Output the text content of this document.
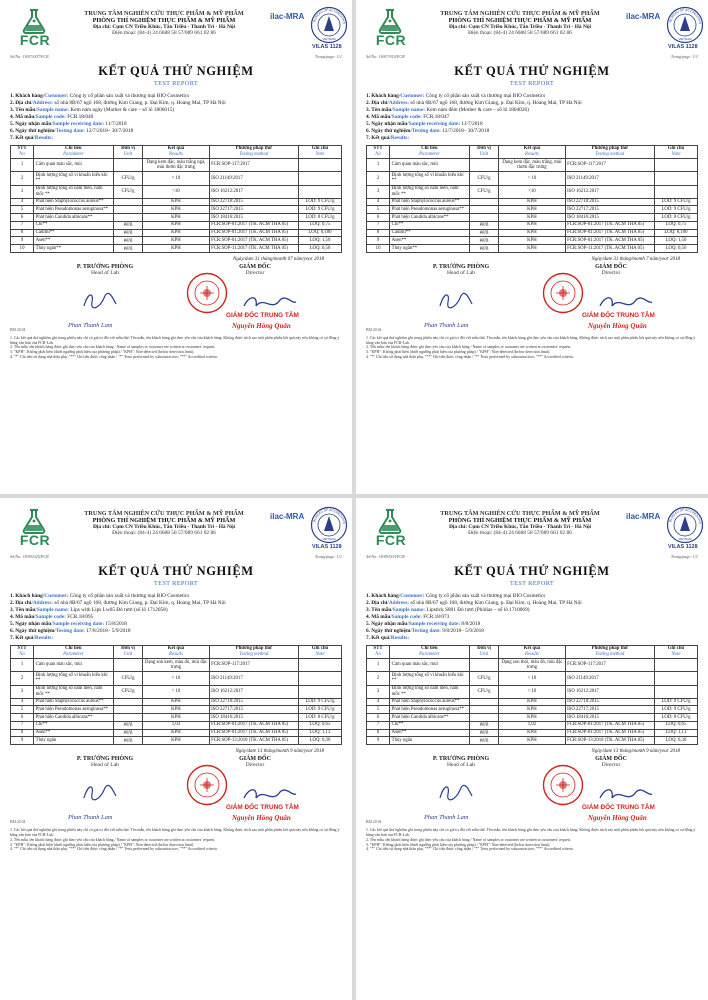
FCR
TRUNG TÂM NGHIÊN CỨU THỰC PHẨM & MỸ PHẨM
PHÒNG THÍ NGHIỆM THỰC PHẨM & MỸ PHẨM
Địa chỉ: Cụm CN Triều Khúc, Tân Triều - Thanh Trì - Hà Nội
Điện thoại: (84-4) 24 6688 58 57/089 661 02 86
ilac-MRA
BUREAU OF ACCREDITATI
VIETNAM
VILAS 1128
Số/No: 18/07/007/FCR	Trang/page: 1/1
KẾT QUẢ THỬ NGHIỆM
TEST REPORT
1. Khách hàng/Customer: Công ty cổ phần sản xuất và thương mại BIO Cosmetics
2. Địa chỉ/Address: số nhà 8B/67 ngõ 168, đường Kim Giang, p. Đại Kim, q. Hoàng Mai, TP Hà Nội
3. Tên mẫu/Sample name: Kem nám ngày (Mother & care – số lô 1806015)
4. Mã mẫu/Sample code: FCR.18/040
5. Ngày nhận mẫu/Sample receiving date: 11/7/2018
6. Ngày thử nghiệm/Testing date: 12/7/2018– 30/7/2018
7. Kết quả/Results:
STT
No	Chỉ tiêu
Parameter	Đơn vị
Unit	Kết quả
Results	Phương pháp thử
Testing method	Ghi chú
Note

1	Cảm quan màu sắc, mùi		Dạng kem đặc, màu trắng ngà, mùi thơm đặc trưng	FCR:SOP-117:2017	
2	Định lượng tổng số vi khuẩn hiếu khí **	CFU/g	< 10	ISO 21149:2017	
3	Định lượng tổng số nấm men, nấm mốc **	CFU/g	<10	ISO 16212:2017	
4	Phát hiện Staphylococcus aureus**		KPH	ISO 22718:2015	LOD: 9 CFU/g
5	Phát hiện Pseudomonas aeruginosa**		KPH	ISO 22717:2015	LOD: 9 CFU/g
6	Phát hiện Candida albicans**		KPH	ISO 18416:2015	LOD: 8 CFU/g
7	Chì**	µg/g	KPH	FCR:SOP-01:2017 (TK. ACM THA 05)	LOQ: 0,75
8	Cadimi**	µg/g	KPH	FCR:SOP-01:2017 (TK. ACM THA 05)	LOQ: 0,100
9	Asen**	µg/g	KPH	FCR:SOP-01:2017 (TK. ACM THA 05)	LOQ: 1,50
10	Thủy ngân**	µg/g	KPH	FCR:SOP-11:2017 (TK. ACM THA 05)	LOQ: 0,50
Ngày/date 31 tháng/month 07 năm/year 2018
P. TRƯỞNG PHÒNG
Head of Lab
GIÁM ĐỐC
Director
Phan Thanh Lam
GIÁM ĐỐC TRUNG TÂM
Nguyễn Hồng Quân
BM.20.04
1. Các kết quả thử nghiệm ghi trong phiếu này chỉ có giá trị đối với mẫu thử. Tên mẫu, tên khách hàng ghi theo yêu cầu của khách hàng. Không được trích sao một phần phiếu kết quả này nếu không có sự đồng ý bằng văn bản của FCR-Lab.
2. Tên mẫu, tên khách hàng được ghi theo yêu cầu của khách hàng / Name of samples or customer are written at customers' request.
3. "KPH": Không phát hiện (dưới ngưỡng phát hiện của phương pháp) / "KPH": Non-detected (below detection limit).
4. "*" Chỉ tiêu sử dụng nhà thầu phụ, "**" Chỉ tiêu được công nhận / "*" Tests performed by subcontractors; "**" Accredited criteria.
FCR
TRUNG TÂM NGHIÊN CỨU THỰC PHẨM & MỸ PHẨM
PHÒNG THÍ NGHIỆM THỰC PHẨM & MỸ PHẨM
Địa chỉ: Cụm CN Triều Khúc, Tân Triều - Thanh Trì - Hà Nội
Điện thoại: (84-4) 24 6688 58 57/089 661 02 86
ilac-MRA
BUREAU OF ACCREDITATI
VIETNAM
VILAS 1128
Số/No: 18/07/914/FCR	Trang/page: 1/1
KẾT QUẢ THỬ NGHIỆM
TEST REPORT
1. Khách hàng/Customer: Công ty cổ phần sản xuất và thương mại BIO Cosmetics
2. Địa chỉ/Address: số nhà 8B/67 ngõ 168, đường Kim Giang, p. Đại Kim, q. Hoàng Mai, TP Hà Nội
3. Tên mẫu/Sample name: Kem nám đêm (Mother & care – số lô 1804026)
4. Mã mẫu/Sample code: FCR.18/047
5. Ngày nhận mẫu/Sample receiving date: 11/7/2018
6. Ngày thử nghiệm/Testing date: 12/7/2018– 30/7/2018
7. Kết quả/Results:
STT
No	Chỉ tiêu
Parameter	Đơn vị
Unit	Kết quả
Results	Phương pháp thử
Testing method	Ghi chú
Note

1	Cảm quan màu sắc, mùi		Dạng kem đặc, màu trắng, mùi thơm đặc trưng	FCR:SOP-117:2017	
2	Định lượng tổng số vi khuẩn hiếu khí **	CFU/g	< 10	ISO 21149:2017	
3	Định lượng tổng số nấm men, nấm mốc **	CFU/g	<10	ISO 16212:2017	
4	Phát hiện Staphylococcus aureus**		KPH	ISO 22718:2015	LOD: 9 CFU/g
5	Phát hiện Pseudomonas aeruginosa**		KPH	ISO 22717:2015	LOD: 9 CFU/g
6	Phát hiện Candida albicans**		KPH	ISO 18416:2015	LOD: 8 CFU/g
7	Chì**	µg/g	KPH	FCR:SOP-01:2017 (TK. ACM THA 05)	LOQ: 0,75
8	Cadimi**	µg/g	KPH	FCR:SOP-01:2017 (TK. ACM THA 05)	LOQ: 0,100
9	Asen**	µg/g	KPH	FCR:SOP-01:2017 (TK. ACM THA 05)	LOQ: 1,50
10	Thủy ngân**	µg/g	KPH	FCR:SOP-11:2017 (TK. ACM THA 05)	LOQ: 0,50
Ngày/date 31 tháng/month 7 năm/year 2018
P. TRƯỞNG PHÒNG
Head of Lab
GIÁM ĐỐC
Director
Phan Thanh Lam
GIÁM ĐỐC TRUNG TÂM
Nguyễn Hồng Quân
BM.20.04
1. Các kết quả thử nghiệm ghi trong phiếu này chỉ có giá trị đối với mẫu thử. Tên mẫu, tên khách hàng ghi theo yêu cầu của khách hàng. Không được trích sao một phần phiếu kết quả này nếu không có sự đồng ý bằng văn bản của FCR-Lab.
2. Tên mẫu, tên khách hàng được ghi theo yêu cầu của khách hàng / Name of samples or customer are written at customers' request.
3. "KPH": Không phát hiện (dưới ngưỡng phát hiện của phương pháp) / "KPH": Non-detected (below detection limit).
4. "*" Chỉ tiêu sử dụng nhà thầu phụ, "**" Chỉ tiêu được công nhận / "*" Tests performed by subcontractors; "**" Accredited criteria.
FCR
TRUNG TÂM NGHIÊN CỨU THỰC PHẨM & MỸ PHẨM
PHÒNG THÍ NGHIỆM THỰC PHẨM & MỸ PHẨM
Địa chỉ: Cụm CN Triều Khúc, Tân Triều - Thanh Trì - Hà Nội
Điện thoại: (84-4) 24 6688 58 57/089 661 02 86
ilac-MRA
BUREAU OF ACCREDITATI
VIETNAM
VILAS 1128
Số/No: 18/09/025/FCR	Trang/page: 1/1
KẾT QUẢ THỬ NGHIỆM
TEST REPORT
1. Khách hàng/Customer: Công ty cổ phần sản xuất và thương mại BIO Cosmetics
2. Địa chỉ/Address: số nhà 8B/67 ngõ 168, đường Kim Giang, p. Đại Kim, q. Hoàng Mai, TP Hà Nội
3. Tên mẫu/Sample name: Lips with Lips Lw05 Đỏ tươi (số lô 1712058)
4. Mã mẫu/Sample code: FCR.18/095
5. Ngày nhận mẫu/Sample receiving date: 15/8/2018
6. Ngày thử nghiệm/Testing date: 17/8/2018– 5/9/2018
7. Kết quả/Results:
STT
No	Chỉ tiêu
Parameter	Đơn vị
Unit	Kết quả
Results	Phương pháp thử
Testing method	Ghi chú
Note

1	Cảm quan màu sắc, mùi		Dạng son kem, màu đỏ, mùi đặc trưng	FCR:SOP-117:2017	
2	Định lượng tổng số vi khuẩn hiếu khí **	CFU/g	< 10	ISO 21149:2017	
3	Định lượng tổng số nấm men, nấm mốc **	CFU/g	< 10	ISO 16212:2017	
4	Phát hiện Staphylococcus aureus**		KPH	ISO 22718:2015	LOD: 9 CFU/g
5	Phát hiện Pseudomonas aeruginosa**		KPH	ISO 22717:2015	LOD: 9 CFU/g
6	Phát hiện Candida albicans**		KPH	ISO 18416:2015	LOD: 8 CFU/g
7	Chì**	µg/g	1,03	FCR:SOP-01:2017 (TK. ACM THA 05)	LOQ: 0,65
8	Asen**	µg/g	KPH	FCR:SOP-01:2017 (TK. ACM THA 05)	LOQ: 1,13
9	Thủy ngân	µg/g	KPH	FCR:SOP-13:2018 (TK. ACM THA 05)	LOQ: 0,30
Ngày/date 13 tháng/month 9 năm/year 2018
P. TRƯỞNG PHÒNG
Head of Lab
GIÁM ĐỐC
Director
Phan Thanh Lam
GIÁM ĐỐC TRUNG TÂM
Nguyễn Hồng Quân
BM.20.04
1. Các kết quả thử nghiệm ghi trong phiếu này chỉ có giá trị đối với mẫu thử. Tên mẫu, tên khách hàng ghi theo yêu cầu của khách hàng. Không được trích sao một phần phiếu kết quả này nếu không có sự đồng ý bằng văn bản của FCR-Lab.
2. Tên mẫu, tên khách hàng được ghi theo yêu cầu của khách hàng / Name of samples or customer are written at customers' request.
3. "KPH": Không phát hiện (dưới ngưỡng phát hiện của phương pháp) / "KPH": Non-detected (below detection limit).
4. "*" Chỉ tiêu sử dụng nhà thầu phụ, "**" Chỉ tiêu được công nhận / "*" Tests performed by subcontractors; "**" Accredited criteria.
FCR
TRUNG TÂM NGHIÊN CỨU THỰC PHẨM & MỸ PHẨM
PHÒNG THÍ NGHIỆM THỰC PHẨM & MỸ PHẨM
Địa chỉ: Cụm CN Triều Khúc, Tân Triều - Thanh Trì - Hà Nội
Điện thoại: (84-4) 24 6688 58 57/089 661 02 86
ilac-MRA
BUREAU OF ACCREDITATI
VIETNAM
VILAS 1128
Số/No: 18/09/003/FCR	Trang/page: 1/1
KẾT QUẢ THỬ NGHIỆM
TEST REPORT
1. Khách hàng/Customer: Công ty cổ phần sản xuất và thương mại BIO Cosmetics
2. Địa chỉ/Address: số nhà 8B/67 ngõ 168, đường Kim Giang, p. Đại Kim, q. Hoàng Mai, TP Hà Nội
3. Tên mẫu/Sample name: Lipstick S801 Đỏ tươi (Phidias – số lô 1710069)
4. Mã mẫu/Sample code: FCR.18/073
5. Ngày nhận mẫu/Sample receiving date: 8/8/2018
6. Ngày thử nghiệm/Testing date: 9/8/2018– 5/9/2018
7. Kết quả/Results:
STT
No	Chỉ tiêu
Parameter	Đơn vị
Unit	Kết quả
Results	Phương pháp thử
Testing method	Ghi chú
Note

1	Cảm quan màu sắc, mùi		Dạng son thỏi, màu đỏ, mùi đặc trưng	FCR:SOP-117:2017	
2	Định lượng tổng số vi khuẩn hiếu khí **	CFU/g	< 10	ISO 21149:2017	
3	Định lượng tổng số nấm men, nấm mốc **	CFU/g	< 10	ISO 16212:2017	
4	Phát hiện Staphylococcus aureus**		KPH	ISO 22718:2015	LOD: 9 CFU/g
5	Phát hiện Pseudomonas aeruginosa**		KPH	ISO 22717:2015	LOD: 9 CFU/g
6	Phát hiện Candida albicans**		KPH	ISO 18416:2015	LOD: 8 CFU/g
7	Chì**	µg/g	1,02	FCR:SOP-01:2017 (TK. ACM THA 05)	LOQ: 0,65
8	Asen**	µg/g	KPH	FCR:SOP-01:2017 (TK. ACM THA 05)	LOQ: 1,13
9	Thủy ngân	µg/g	KPH	FCR:SOP-13:2018 (TK. ACM THA 05)	LOQ: 0,30
Ngày/date 13 tháng/month 9 năm/year 2018
P. TRƯỞNG PHÒNG
Head of Lab
GIÁM ĐỐC
Director
Phan Thanh Lam
GIÁM ĐỐC TRUNG TÂM
Nguyễn Hồng Quân
BM.20.04
1. Các kết quả thử nghiệm ghi trong phiếu này chỉ có giá trị đối với mẫu thử. Tên mẫu, tên khách hàng ghi theo yêu cầu của khách hàng. Không được trích sao một phần phiếu kết quả này nếu không có sự đồng ý bằng văn bản của FCR-Lab.
2. Tên mẫu, tên khách hàng được ghi theo yêu cầu của khách hàng / Name of samples or customer are written at customers' request.
3. "KPH": Không phát hiện (dưới ngưỡng phát hiện của phương pháp) / "KPH": Non-detected (below detection limit).
4. "*" Chỉ tiêu sử dụng nhà thầu phụ, "**" Chỉ tiêu được công nhận / "*" Tests performed by subcontractors; "**" Accredited criteria.
